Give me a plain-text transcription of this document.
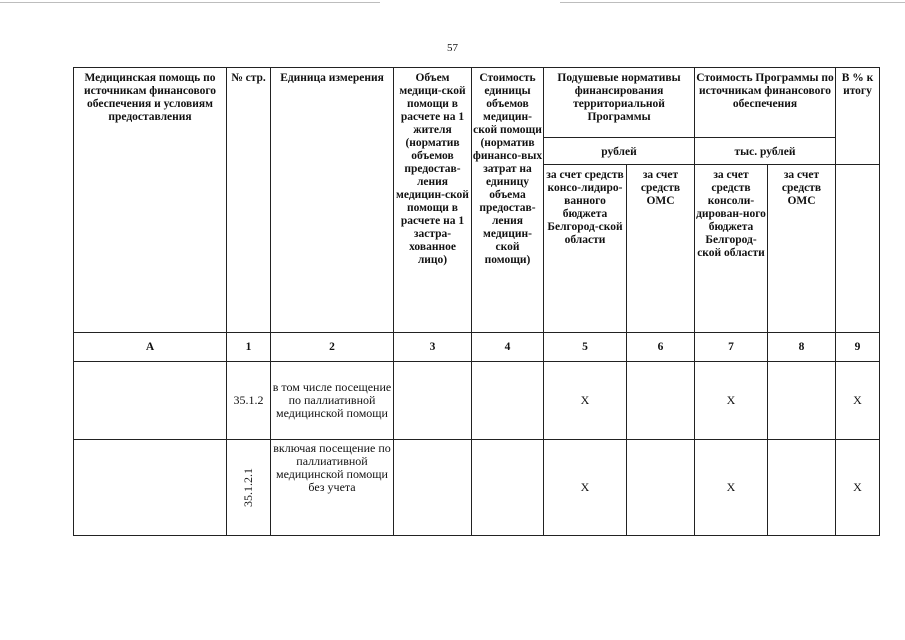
57
Медицинская помощь по источникам финансового обеспечения и условиям предоставления	№ стр.	Единица измерения	Объем медици-ской помощи в расчете на 1 жителя (норматив объемов предостав-ления медицин-ской помощи в расчете на 1 застра-хованное лицо)	Стоимость единицы объемов медицин-ской помощи (норматив финансо-вых затрат на единицу объема предостав-ления медицин-ской помощи)	Подушевые нормативы финансирования территориальной Программы		Стоимость Программы по источникам финансового обеспечения		В % к итогу
					рублей		тыс. рублей		
					за счет средств консо-лидиро-ванного бюджета Белгород-ской области	за счет средств ОМС	за счет средств консоли-дирован-ного бюджета Белгород-ской области	за счет средств ОМС	
А	1	2	3	4	5	6	7	8	9
	35.1.2	в том числе посещение по паллиативной медицинской помощи			Х		Х		Х
	35.1.2.1	включая посещение по паллиативной медицинской помощи без учета			Х		Х		Х
